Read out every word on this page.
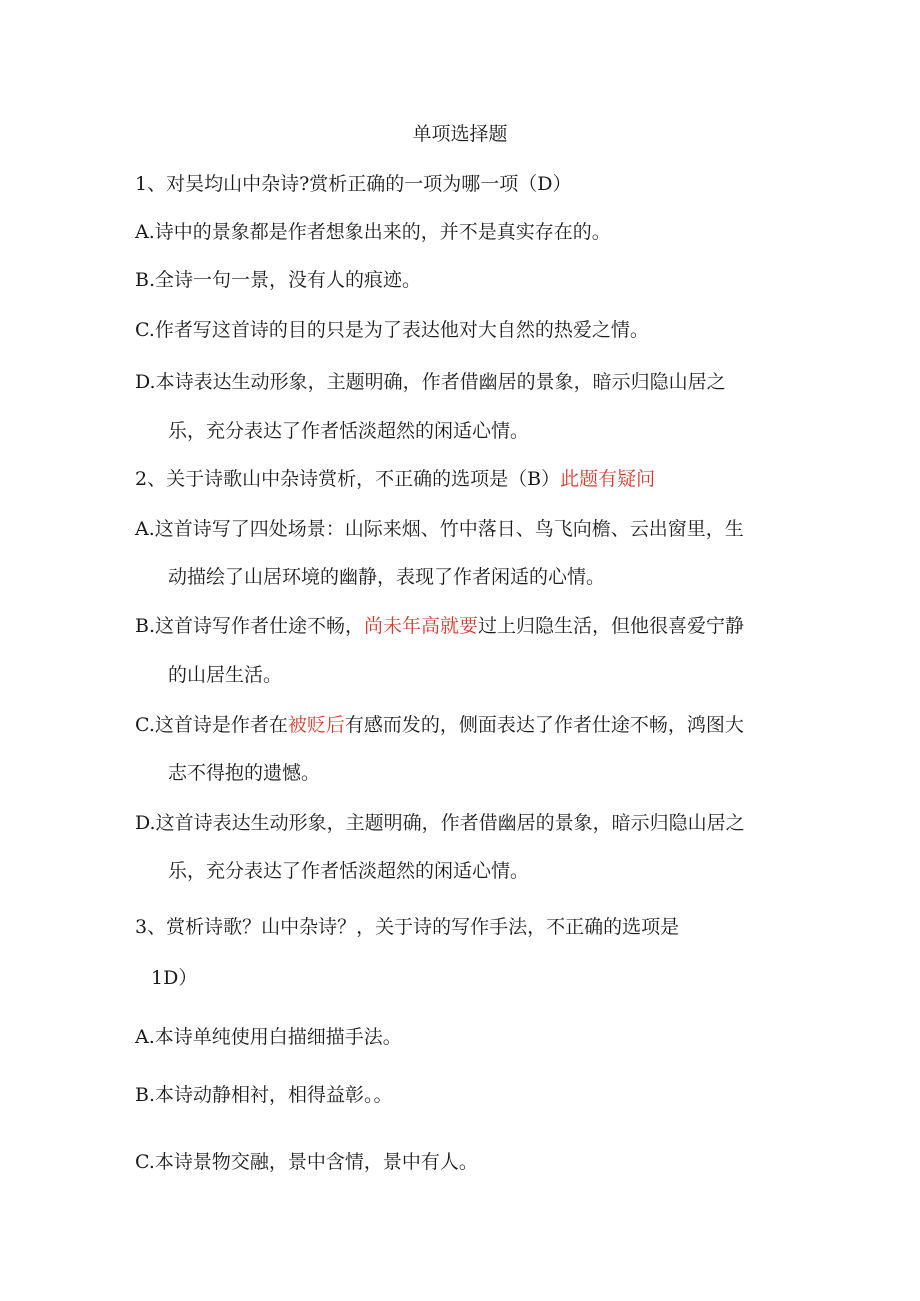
单项选择题
1、对吴均山中杂诗?赏析正确的一项为哪一项（D）
A.诗中的景象都是作者想象出来的，并不是真实存在的。
B.全诗一句一景，没有人的痕迹。
C.作者写这首诗的目的只是为了表达他对大自然的热爱之情。
D.本诗表达生动形象，主题明确，作者借幽居的景象，暗示归隐山居之
乐，充分表达了作者恬淡超然的闲适心情。
2、关于诗歌山中杂诗赏析，不正确的选项是（B）此题有疑问
A.这首诗写了四处场景：山际来烟、竹中落日、鸟飞向檐、云出窗里，生
动描绘了山居环境的幽静，表现了作者闲适的心情。
B.这首诗写作者仕途不畅，尚未年高就要过上归隐生活，但他很喜爱宁静
的山居生活。
C.这首诗是作者在被贬后有感而发的，侧面表达了作者仕途不畅，鸿图大
志不得抱的遗憾。
D.这首诗表达生动形象，主题明确，作者借幽居的景象，暗示归隐山居之
乐，充分表达了作者恬淡超然的闲适心情。
3、赏析诗歌？山中杂诗？，关于诗的写作手法，不正确的选项是
1D）
A.本诗单纯使用白描细描手法。
B.本诗动静相衬，相得益彰。。
C.本诗景物交融，景中含情，景中有人。
